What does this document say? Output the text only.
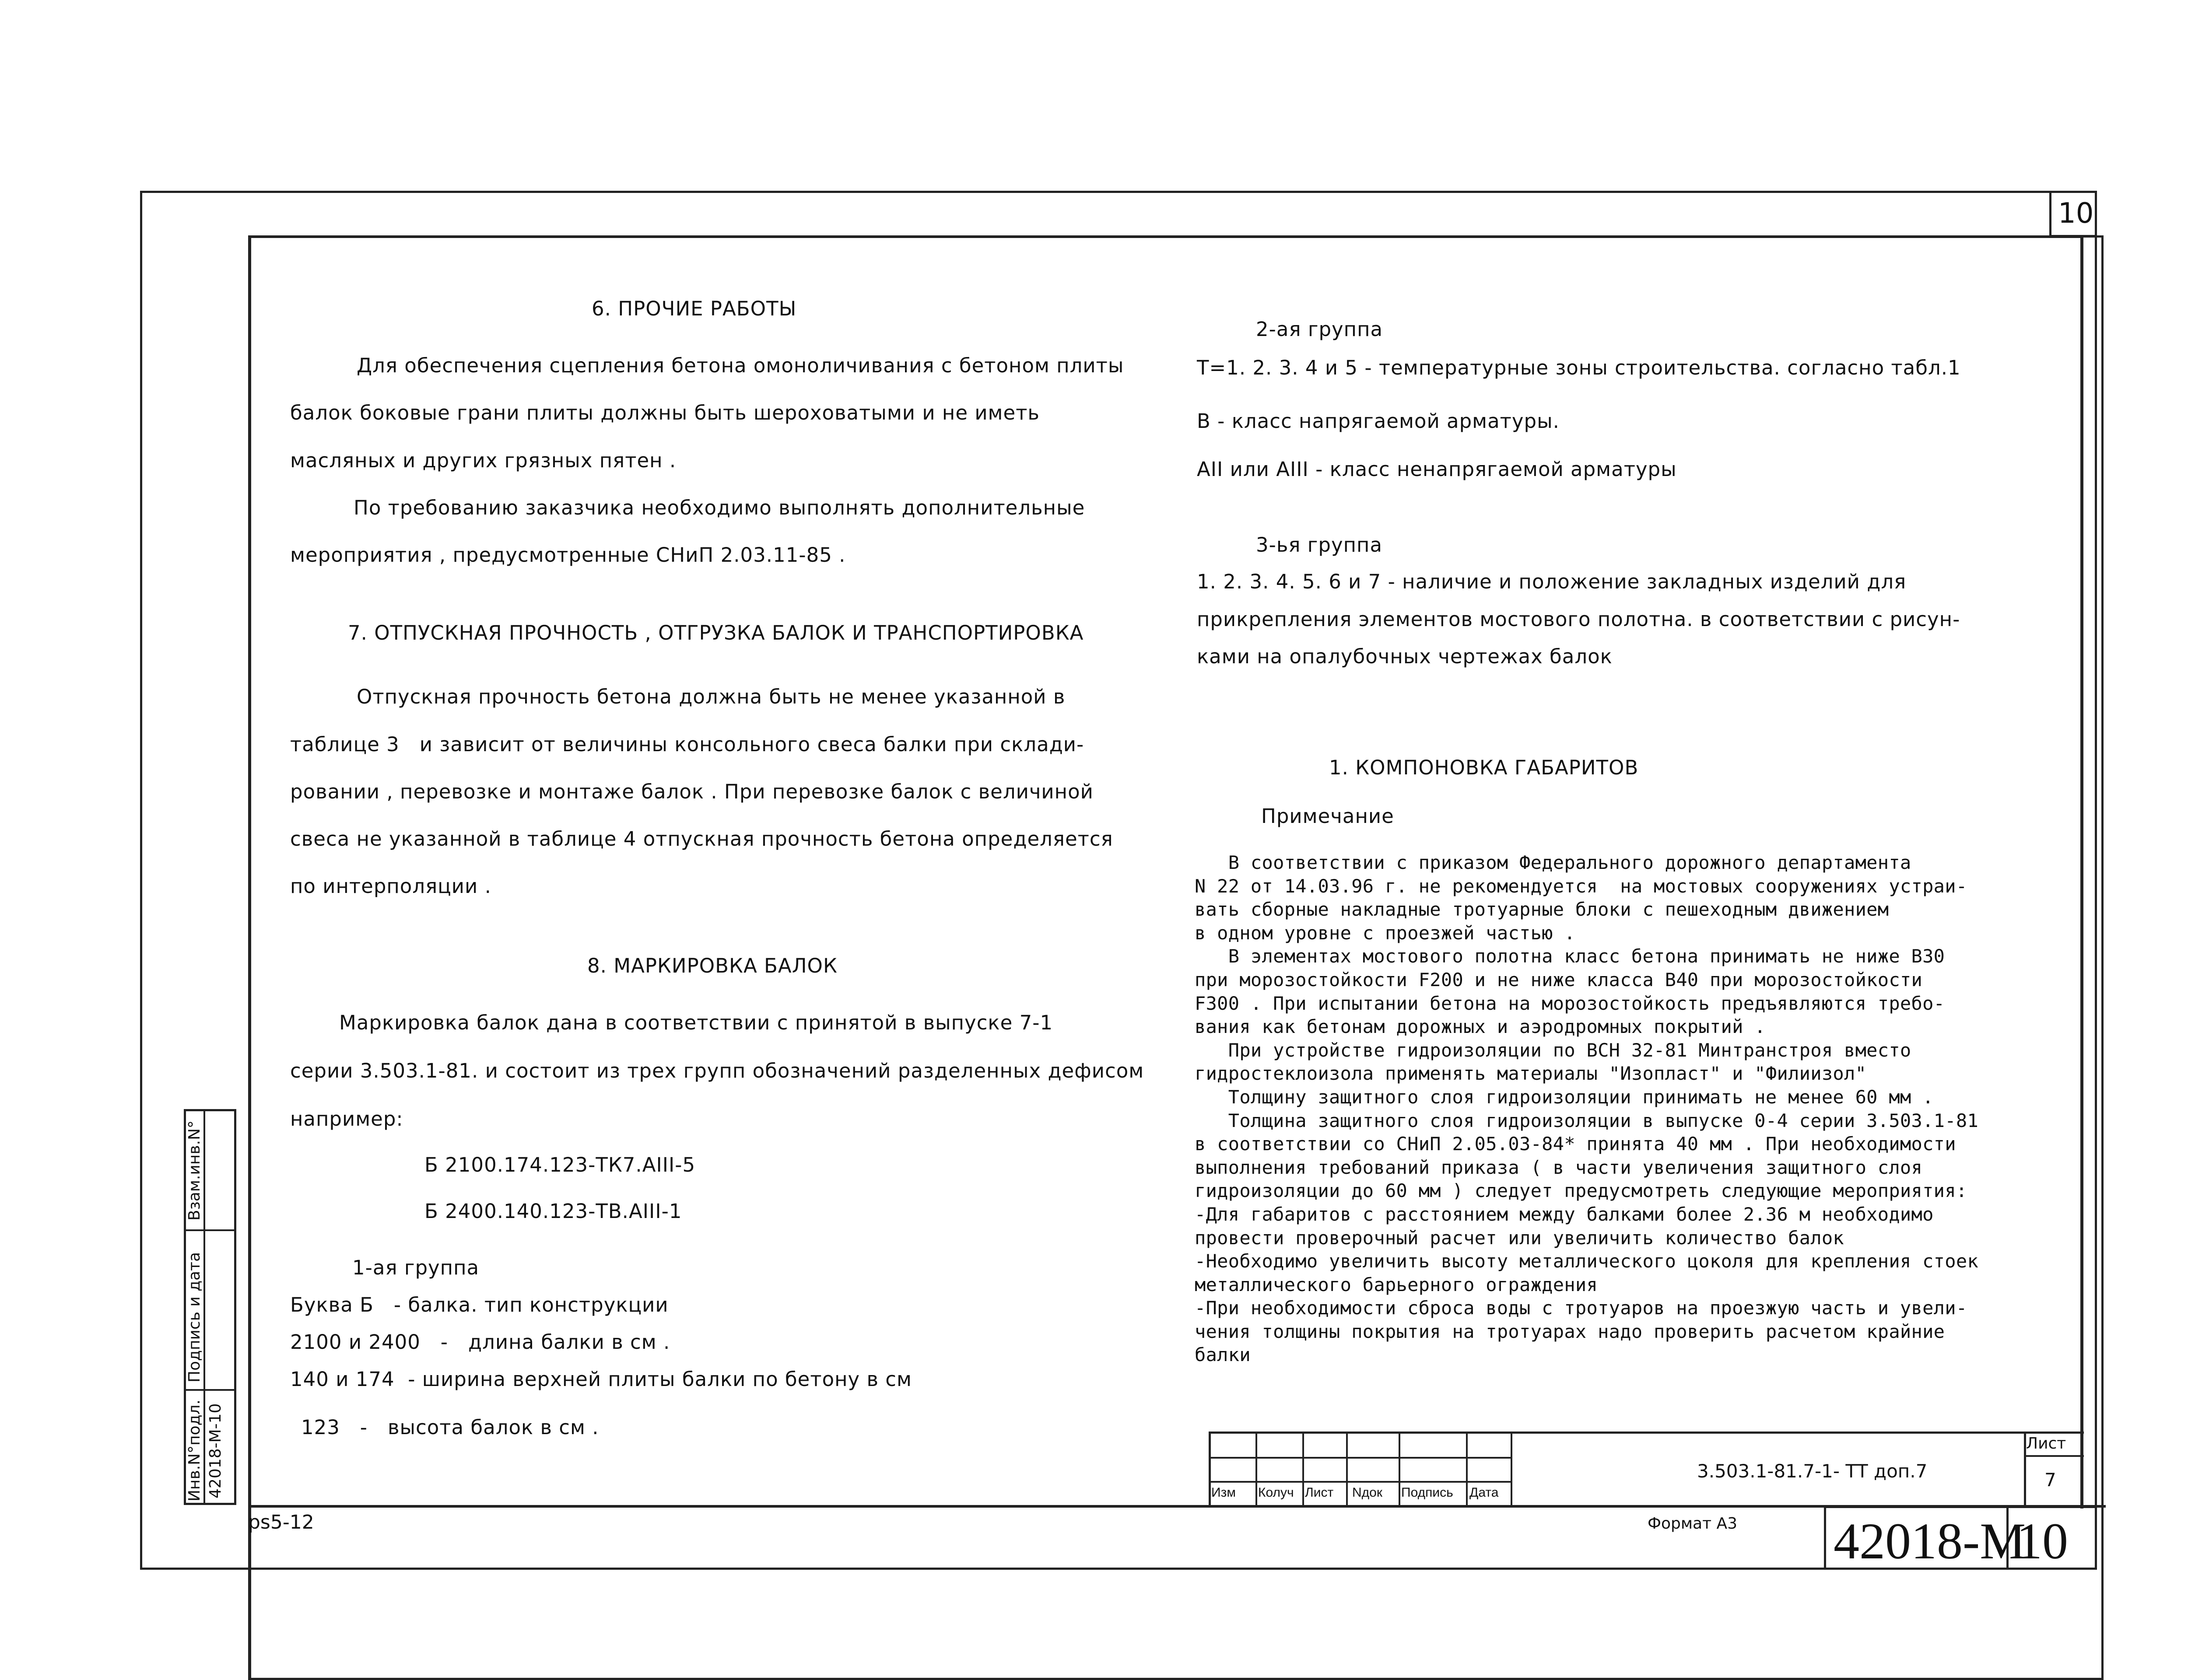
10
6. ПРОЧИЕ РАБОТЫ
Для обеспечения сцепления бетона омоноличивания с бетоном плиты
балок боковые грани плиты должны быть шероховатыми и не иметь
масляных и других грязных пятен .
По требованию заказчика необходимо выполнять дополнительные
мероприятия , предусмотренные СНиП 2.03.11-85 .
7. ОТПУСКНАЯ ПРОЧНОСТЬ , ОТГРУЗКА БАЛОК И ТРАНСПОРТИРОВКА
Отпускная прочность бетона должна быть не менее указанной в
таблице 3   и зависит от величины консольного свеса балки при склади-
ровании , перевозке и монтаже балок . При перевозке балок с величиной
свеса не указанной в таблице 4 отпускная прочность бетона определяется
по интерполяции .
8. МАРКИРОВКА БАЛОК
Маркировка балок дана в соответствии с принятой в выпуске 7-1
серии 3.503.1-81. и состоит из трех групп обозначений разделенных дефисом
например:
Б 2100.174.123-ТК7.АIII-5
Б 2400.140.123-ТВ.АIII-1
1-ая группа
Буква Б   - балка. тип конструкции
2100 и 2400   -   длина балки в см .
140 и 174  - ширина верхней плиты балки по бетону в см
123   -   высота балок в см .
2-ая группа
Т=1. 2. 3. 4 и 5 - температурные зоны строительства. согласно табл.1
В - класс напрягаемой арматуры.
АII или АIII - класс ненапрягаемой арматуры
3-ья группа
1. 2. 3. 4. 5. 6 и 7 - наличие и положение закладных изделий для
прикрепления элементов мостового полотна. в соответствии с рисун-
ками на опалубочных чертежах балок
1. КОМПОНОВКА ГАБАРИТОВ
Примечание
В соответствии с приказом Федерального дорожного департамента
N 22 от 14.03.96 г. не рекомендуется  на мостовых сооружениях устраи-
вать сборные накладные тротуарные блоки с пешеходным движением
в одном уровне с проезжей частью .
В элементах мостового полотна класс бетона принимать не ниже В30
при морозостойкости F200 и не ниже класса В40 при морозостойкости
F300 . При испытании бетона на морозостойкость предъявляются требо-
вания как бетонам дорожных и аэродромных покрытий .
При устройстве гидроизоляции по ВСН 32-81 Минтранстроя вместо
гидростеклоизола применять материалы "Изопласт" и "Филиизол"
Толщину защитного слоя гидроизоляции принимать не менее 60 мм .
Толщина защитного слоя гидроизоляции в выпуске 0-4 серии 3.503.1-81
в соответствии со СНиП 2.05.03-84* принята 40 мм . При необходимости
выполнения требований приказа ( в части увеличения защитного слоя
гидроизоляции до 60 мм ) следует предусмотреть следующие мероприятия:
-Для габаритов с расстоянием между балками более 2.36 м необходимо
провести проверочный расчет или увеличить количество балок
-Необходимо увеличить высоту металлического цоколя для крепления стоек
металлического барьерного ограждения
-При необходимости сброса воды с тротуаров на проезжую часть и увели-
чения толщины покрытия на тротуарах надо проверить расчетом крайние
балки
Взам.инв.N°
Подпись и дата
Инв.N°подл. 42018-М-10	Изм Колуч Лист Nдок Подпись Дата
3.503.1-81.7-1- ТТ доп.7
Лист
7
ps5-12	Формат А3 42018-М
10
